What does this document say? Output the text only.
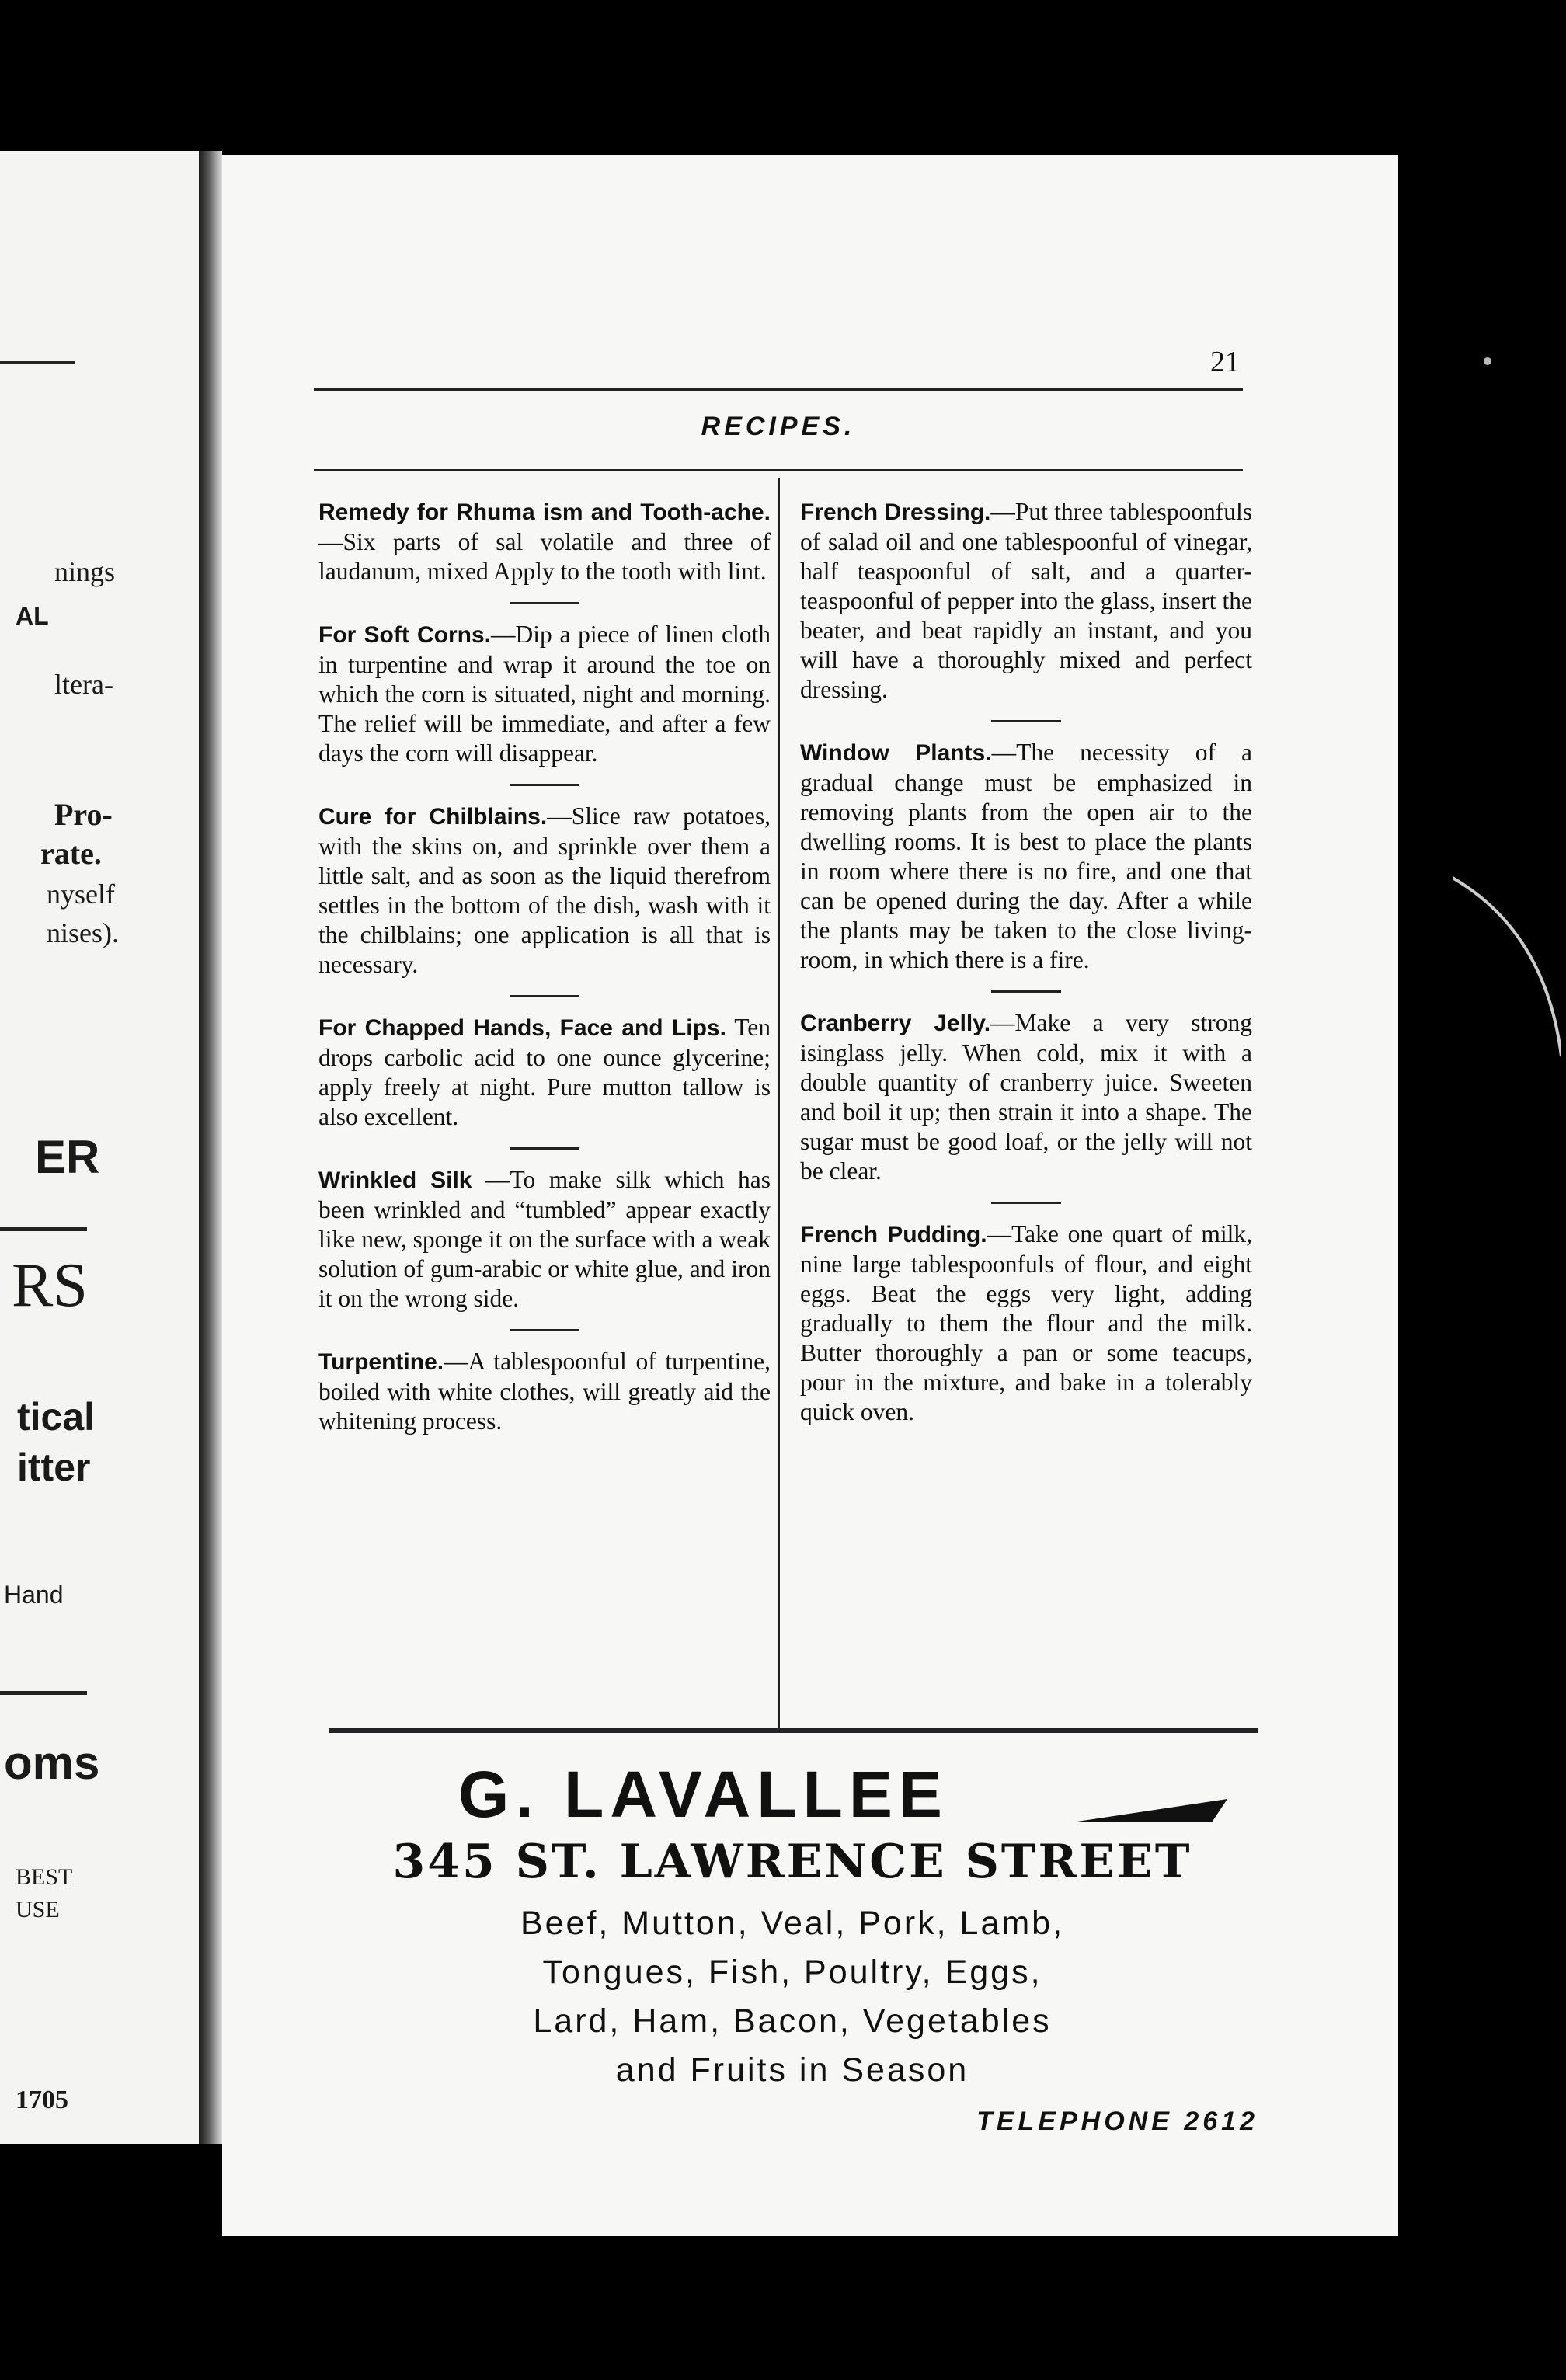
nings
AL
ltera-
Pro-
rate.
nyself
nises).
ER
RS
tical
itter
Hand
oms
BEST
USE
1705
21
RECIPES.

Remedy for Rhuma ism and Tooth-ache.—Six parts of sal volatile and three of laudanum, mixed Apply to the tooth with lint.

For Soft Corns.—Dip a piece of linen cloth in turpentine and wrap it around the toe on which the corn is situated, night and morning. The relief will be immediate, and after a few days the corn will disappear.

Cure for Chilblains.—Slice raw potatoes, with the skins on, and sprinkle over them a little salt, and as soon as the liquid therefrom settles in the bottom of the dish, wash with it the chilblains; one application is all that is necessary.

For Chapped Hands, Face and Lips. Ten drops carbolic acid to one ounce glycerine; apply freely at night. Pure mutton tallow is also excellent.

Wrinkled Silk —To make silk which has been wrinkled and “tumbled” appear exactly like new, sponge it on the surface with a weak solution of gum-arabic or white glue, and iron it on the wrong side.

Turpentine.—A tablespoonful of turpentine, boiled with white clothes, will greatly aid the whitening process.

French Dressing.—Put three tablespoonfuls of salad oil and one tablespoonful of vinegar, half teaspoonful of salt, and a quarter-teaspoonful of pepper into the glass, insert the beater, and beat rapidly an instant, and you will have a thoroughly mixed and perfect dressing.

Window Plants.—The necessity of a gradual change must be emphasized in removing plants from the open air to the dwelling rooms. It is best to place the plants in room where there is no fire, and one that can be opened during the day. After a while the plants may be taken to the close living-room, in which there is a fire.

Cranberry Jelly.—Make a very strong isinglass jelly. When cold, mix it with a double quantity of cranberry juice. Sweeten and boil it up; then strain it into a shape. The sugar must be good loaf, or the jelly will not be clear.

French Pudding.—Take one quart of milk, nine large tablespoonfuls of flour, and eight eggs. Beat the eggs very light, adding gradually to them the flour and the milk. Butter thoroughly a pan or some teacups, pour in the mixture, and bake in a tolerably quick oven.

G. LAVALLEE
345 ST. LAWRENCE STREET
Beef, Mutton, Veal, Pork, Lamb,
Tongues, Fish, Poultry, Eggs,
Lard, Ham, Bacon, Vegetables
and Fruits in Season
TELEPHONE 2612
